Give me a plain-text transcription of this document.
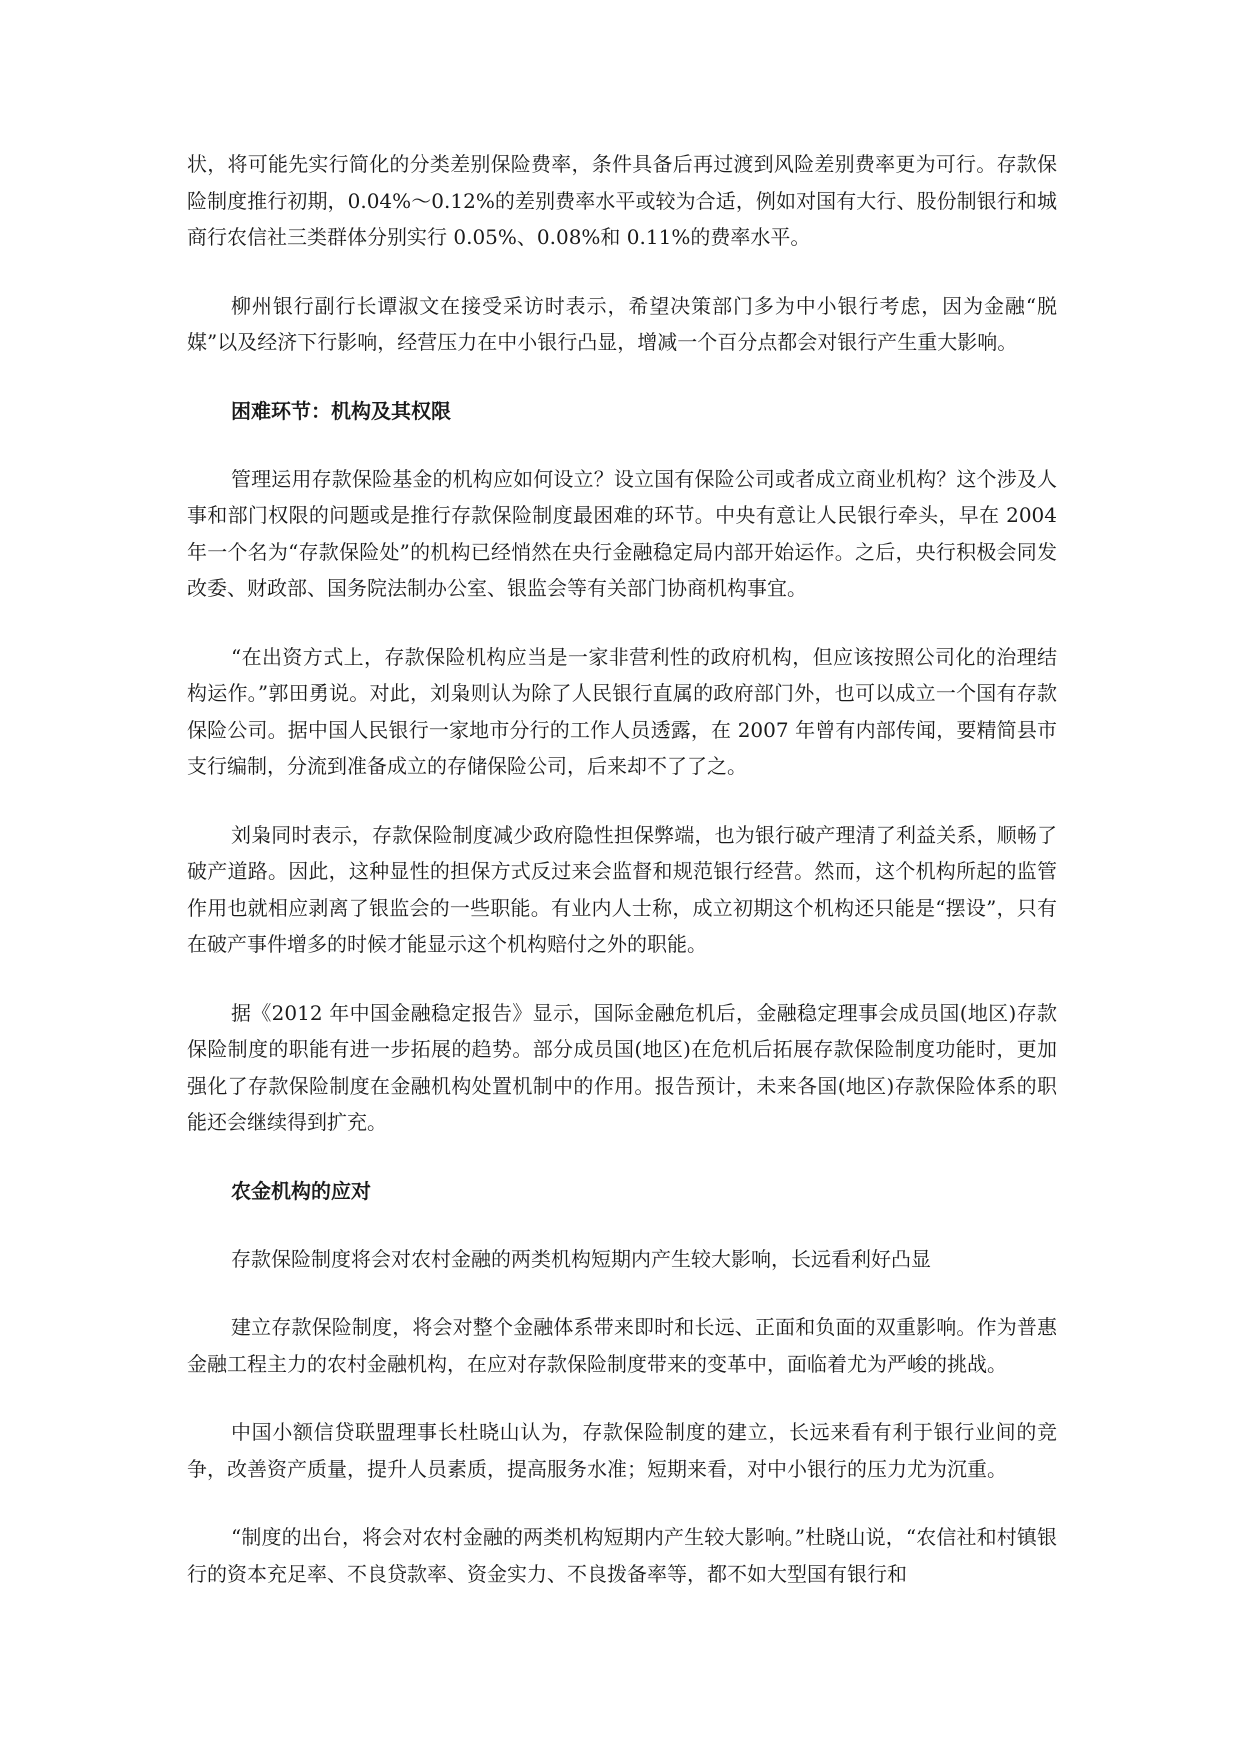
状，将可能先实行简化的分类差别保险费率，条件具备后再过渡到风险差别费率更为可行。存款保险制度推行初期，0.04%～0.12%的差别费率水平或较为合适，例如对国有大行、股份制银行和城商行农信社三类群体分别实行 0.05%、0.08%和 0.11%的费率水平。

柳州银行副行长谭淑文在接受采访时表示，希望决策部门多为中小银行考虑，因为金融“脱媒”以及经济下行影响，经营压力在中小银行凸显，增减一个百分点都会对银行产生重大影响。

困难环节：机构及其权限

管理运用存款保险基金的机构应如何设立？设立国有保险公司或者成立商业机构？这个涉及人事和部门权限的问题或是推行存款保险制度最困难的环节。中央有意让人民银行牵头，早在 2004 年一个名为“存款保险处”的机构已经悄然在央行金融稳定局内部开始运作。之后，央行积极会同发改委、财政部、国务院法制办公室、银监会等有关部门协商机构事宜。

“在出资方式上，存款保险机构应当是一家非营利性的政府机构，但应该按照公司化的治理结构运作。”郭田勇说。对此，刘枭则认为除了人民银行直属的政府部门外，也可以成立一个国有存款保险公司。据中国人民银行一家地市分行的工作人员透露，在 2007 年曾有内部传闻，要精简县市支行编制，分流到准备成立的存储保险公司，后来却不了了之。

刘枭同时表示，存款保险制度减少政府隐性担保弊端，也为银行破产理清了利益关系，顺畅了破产道路。因此，这种显性的担保方式反过来会监督和规范银行经营。然而，这个机构所起的监管作用也就相应剥离了银监会的一些职能。有业内人士称，成立初期这个机构还只能是“摆设”，只有在破产事件增多的时候才能显示这个机构赔付之外的职能。

据《2012 年中国金融稳定报告》显示，国际金融危机后，金融稳定理事会成员国(地区)存款保险制度的职能有进一步拓展的趋势。部分成员国(地区)在危机后拓展存款保险制度功能时，更加强化了存款保险制度在金融机构处置机制中的作用。报告预计，未来各国(地区)存款保险体系的职能还会继续得到扩充。

农金机构的应对

存款保险制度将会对农村金融的两类机构短期内产生较大影响，长远看利好凸显

建立存款保险制度，将会对整个金融体系带来即时和长远、正面和负面的双重影响。作为普惠金融工程主力的农村金融机构，在应对存款保险制度带来的变革中，面临着尤为严峻的挑战。

中国小额信贷联盟理事长杜晓山认为，存款保险制度的建立，长远来看有利于银行业间的竞争，改善资产质量，提升人员素质，提高服务水准；短期来看，对中小银行的压力尤为沉重。

“制度的出台，将会对农村金融的两类机构短期内产生较大影响。”杜晓山说，“农信社和村镇银行的资本充足率、不良贷款率、资金实力、不良拨备率等，都不如大型国有银行和
